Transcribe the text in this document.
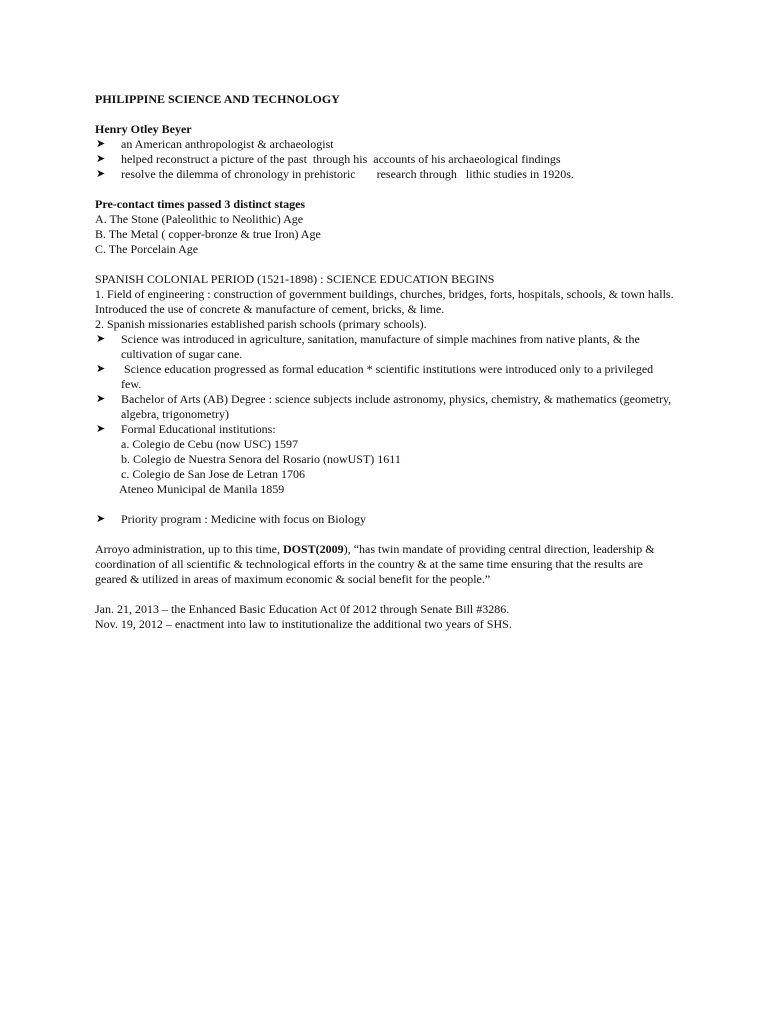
PHILIPPINE SCIENCE AND TECHNOLOGY
Henry Otley Beyer
➤ an American anthropologist & archaeologist
➤ helped reconstruct a picture of the past  through his  accounts of his archaeological findings
➤ resolve the dilemma of chronology in prehistoric       research through   lithic studies in 1920s.
Pre-contact times passed 3 distinct stages
A. The Stone (Paleolithic to Neolithic) Age
B. The Metal ( copper-bronze & true Iron) Age
C. The Porcelain Age
SPANISH COLONIAL PERIOD (1521-1898) : SCIENCE EDUCATION BEGINS
1. Field of engineering : construction of government buildings, churches, bridges, forts, hospitals, schools, & town halls. Introduced the use of concrete & manufacture of cement, bricks, & lime.
2. Spanish missionaries established parish schools (primary schools).
➤ Science was introduced in agriculture, sanitation, manufacture of simple machines from native plants, & the cultivation of sugar cane.
➤ Science education progressed as formal education * scientific institutions were introduced only to a privileged few.
➤ Bachelor of Arts (AB) Degree : science subjects include astronomy, physics, chemistry, & mathematics (geometry, algebra, trigonometry)
➤ Formal Educational institutions:
a. Colegio de Cebu (now USC) 1597
b. Colegio de Nuestra Senora del Rosario (nowUST) 1611
c. Colegio de San Jose de Letran 1706
Ateneo Municipal de Manila 1859
➤ Priority program : Medicine with focus on Biology
Arroyo administration, up to this time, DOST(2009), “has twin mandate of providing central direction, leadership & coordination of all scientific & technological efforts in the country & at the same time ensuring that the results are geared & utilized in areas of maximum economic & social benefit for the people.”
Jan. 21, 2013 – the Enhanced Basic Education Act 0f 2012 through Senate Bill #3286.
Nov. 19, 2012 – enactment into law to institutionalize the additional two years of SHS.
